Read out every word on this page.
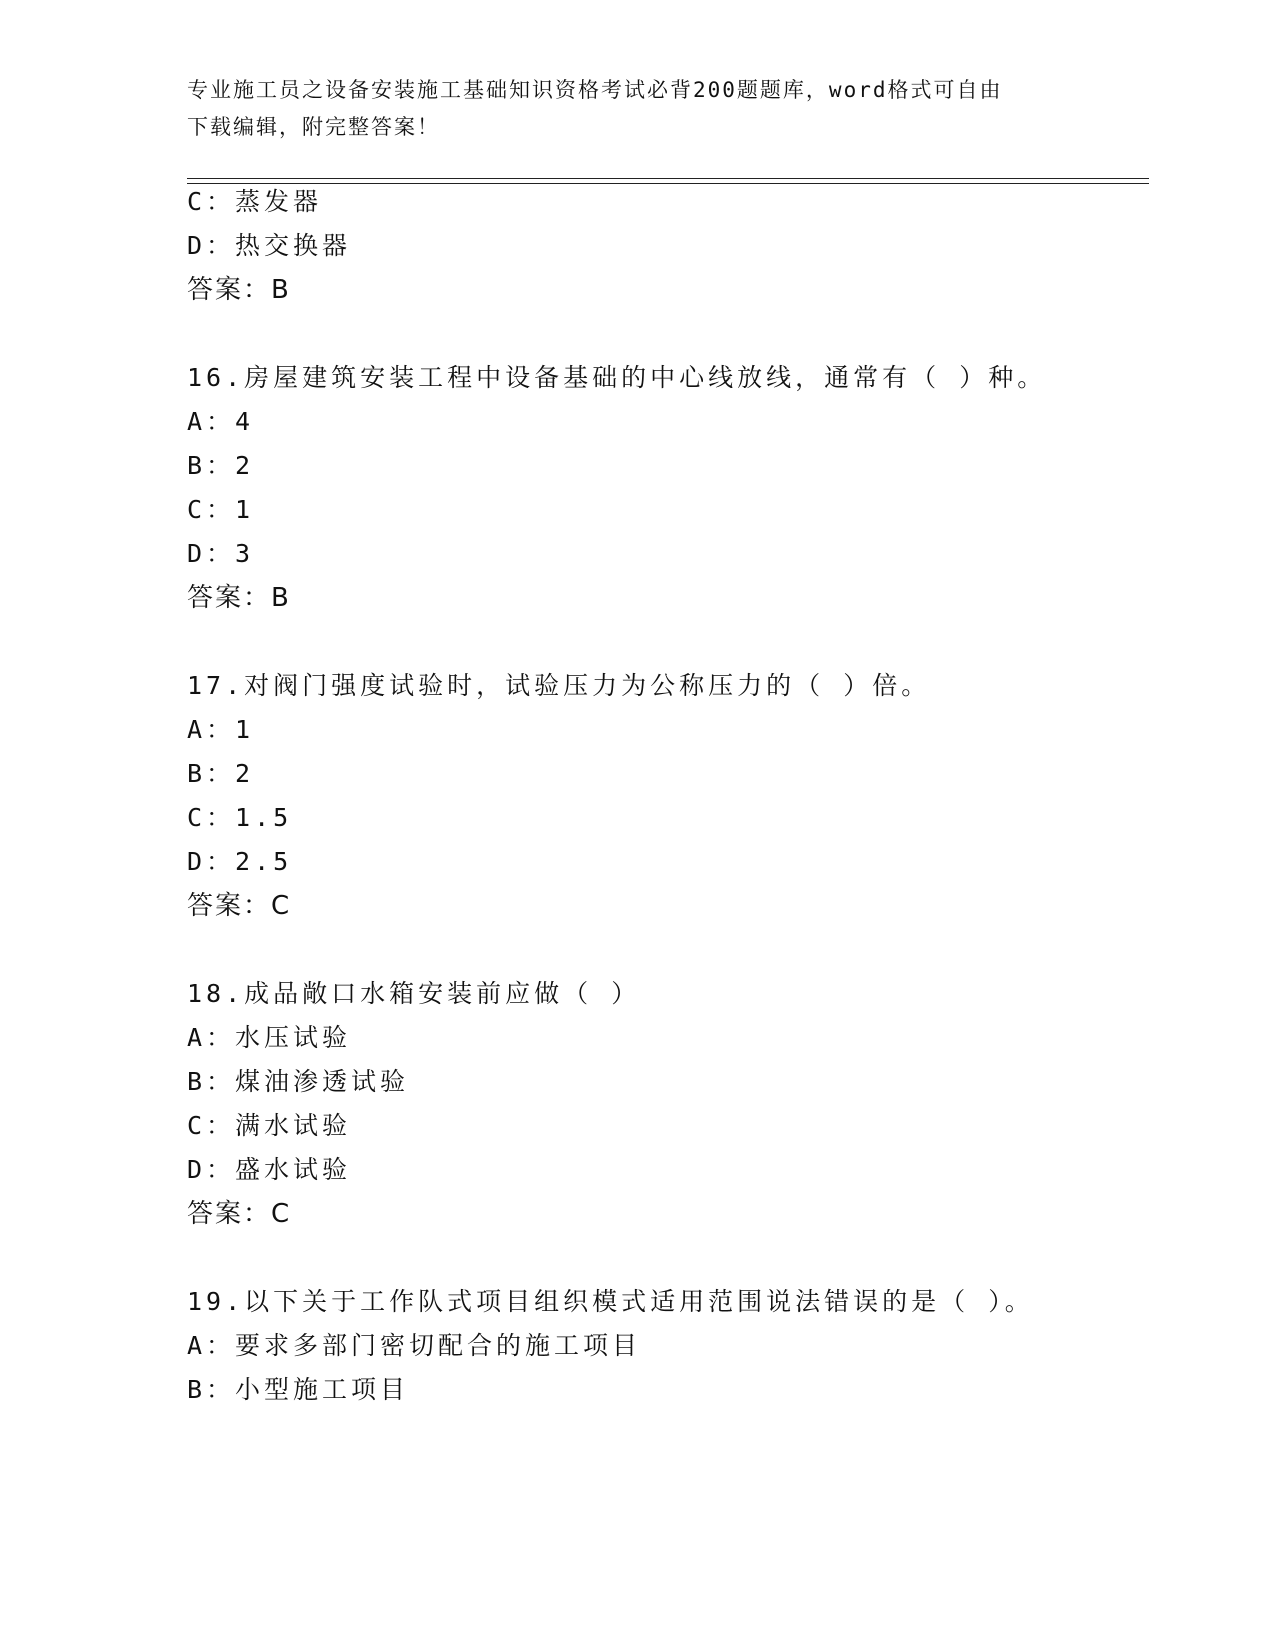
专业施工员之设备安装施工基础知识资格考试必背200题题库，word格式可自由
下载编辑，附完整答案！
C：蒸发器
D：热交换器
答案：B
16.房屋建筑安装工程中设备基础的中心线放线，通常有（ ）种。
A：4
B：2
C：1
D：3
答案：B
17.对阀门强度试验时，试验压力为公称压力的（ ）倍。
A：1
B：2
C：1.5
D：2.5
答案：C
18.成品敞口水箱安装前应做（ ）
A：水压试验
B：煤油渗透试验
C：满水试验
D：盛水试验
答案：C
19.以下关于工作队式项目组织模式适用范围说法错误的是（ ）。
A：要求多部门密切配合的施工项目
B：小型施工项目
